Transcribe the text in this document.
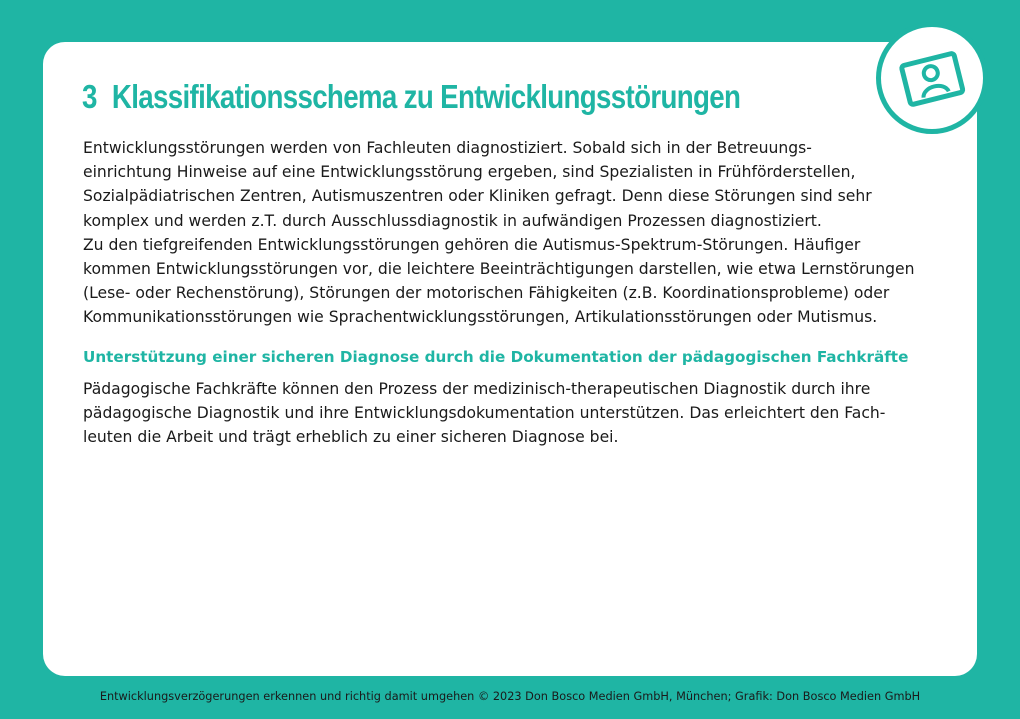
3 Klassifikationsschema zu Entwicklungsstörungen

Entwicklungsstörungen werden von Fachleuten diagnostiziert. Sobald sich in der Betreuungs-
einrichtung Hinweise auf eine Entwicklungsstörung ergeben, sind Spezialisten in Frühförderstellen,
Sozialpädiatrischen Zentren, Autismuszentren oder Kliniken gefragt. Denn diese Störungen sind sehr
komplex und werden z.T. durch Ausschlussdiagnostik in aufwändigen Prozessen diagnostiziert.
Zu den tiefgreifenden Entwicklungsstörungen gehören die Autismus-Spektrum-Störungen. Häufiger
kommen Entwicklungsstörungen vor, die leichtere Beeinträchtigungen darstellen, wie etwa Lernstörungen
(Lese- oder Rechenstörung), Störungen der motorischen Fähigkeiten (z.B. Koordinationsprobleme) oder
Kommunikationsstörungen wie Sprachentwicklungsstörungen, Artikulationsstörungen oder Mutismus.

Unterstützung einer sicheren Diagnose durch die Dokumentation der pädagogischen Fachkräfte

Pädagogische Fachkräfte können den Prozess der medizinisch-therapeutischen Diagnostik durch ihre
pädagogische Diagnostik und ihre Entwicklungsdokumentation unterstützen. Das erleichtert den Fach-
leuten die Arbeit und trägt erheblich zu einer sicheren Diagnose bei.

Entwicklungsverzögerungen erkennen und richtig damit umgehen © 2023 Don Bosco Medien GmbH, München; Grafik: Don Bosco Medien GmbH
